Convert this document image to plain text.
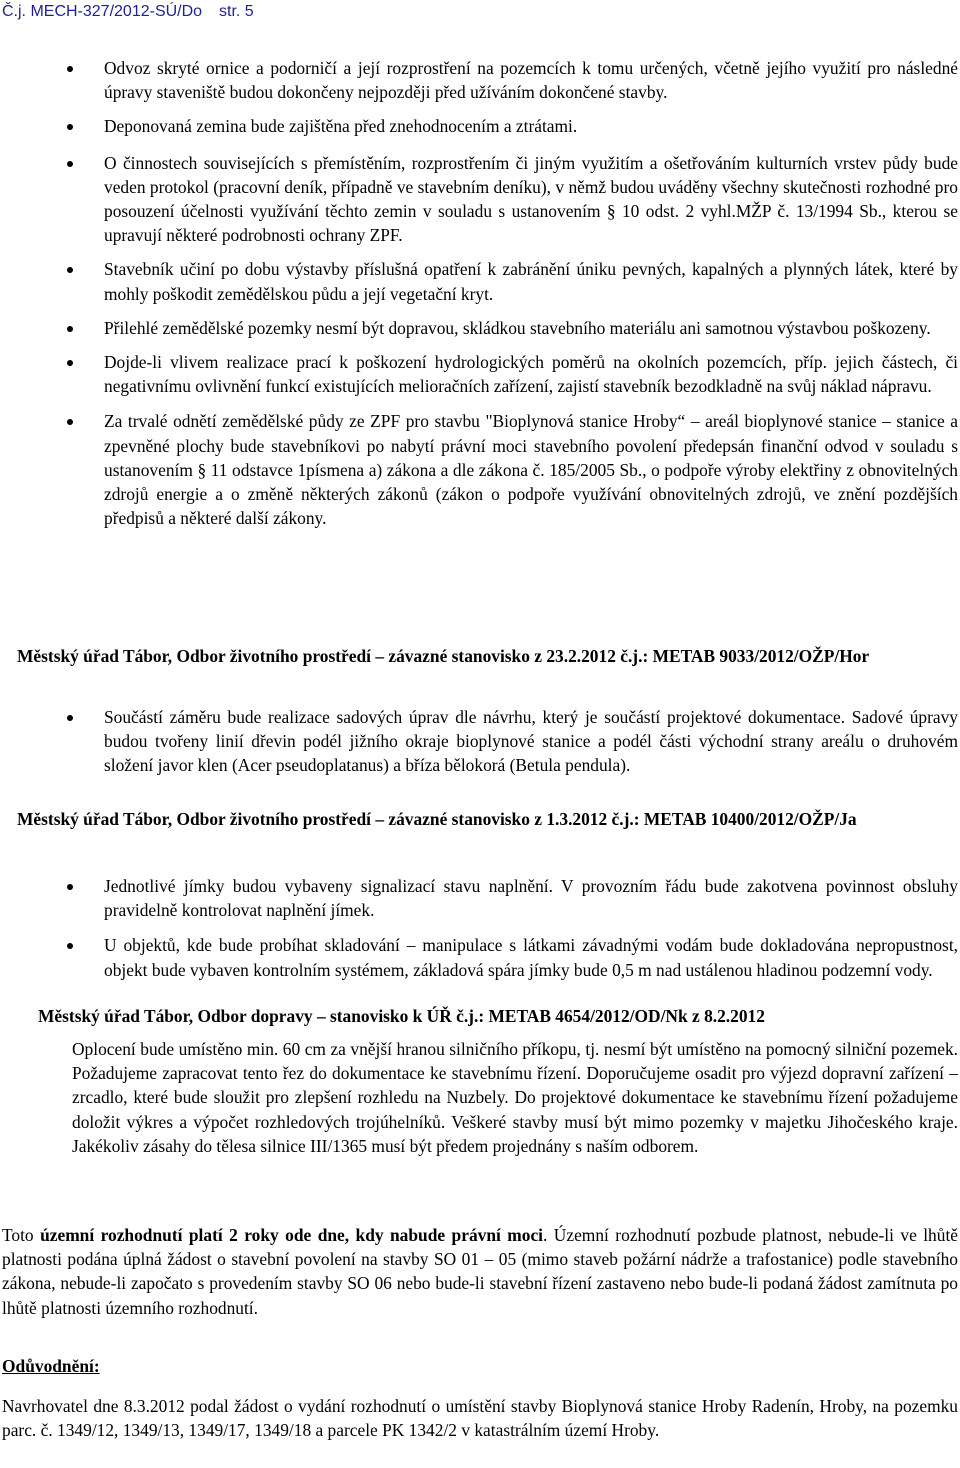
Č.j. MECH-327/2012-SÚ/Do str. 5
Odvoz skryté ornice a podorničí a její rozprostření na pozemcích k tomu určených, včetně jejího využití pro následné úpravy staveniště budou dokončeny nejpozději před užíváním dokončené stavby.
Deponovaná zemina bude zajištěna před znehodnocením a ztrátami.
O činnostech souvisejících s přemístěním, rozprostřením či jiným využitím a ošetřováním kulturních vrstev půdy bude veden protokol (pracovní deník, případně ve stavebním deníku), v němž budou uváděny všechny skutečnosti rozhodné pro posouzení účelnosti využívání těchto zemin v souladu s ustanovením § 10 odst. 2 vyhl.MŽP č. 13/1994 Sb., kterou se upravují některé podrobnosti ochrany ZPF.
Stavebník učiní po dobu výstavby příslušná opatření k zabránění úniku pevných, kapalných a plynných látek, které by mohly poškodit zemědělskou půdu a její vegetační kryt.
Přilehlé zemědělské pozemky nesmí být dopravou, skládkou stavebního materiálu ani samotnou výstavbou poškozeny.
Dojde-li vlivem realizace prací k poškození hydrologických poměrů na okolních pozemcích, příp. jejich částech, či negativnímu ovlivnění funkcí existujících melioračních zařízení, zajistí stavebník bezodkladně na svůj náklad nápravu.
Za trvalé odnětí zemědělské půdy ze ZPF pro stavbu "Bioplynová stanice Hroby“ – areál bioplynové stanice – stanice a zpevněné plochy bude stavebníkovi po nabytí právní moci stavebního povolení předepsán finanční odvod v souladu s ustanovením § 11 odstavce 1písmena a) zákona a dle zákona č. 185/2005 Sb., o podpoře výroby elektřiny z obnovitelných zdrojů energie a o změně některých zákonů (zákon o podpoře využívání obnovitelných zdrojů, ve znění pozdějších předpisů a některé další zákony.
Městský úřad Tábor, Odbor životního prostředí – závazné stanovisko z 23.2.2012 č.j.: METAB 9033/2012/OŽP/Hor
Součástí záměru bude realizace sadových úprav dle návrhu, který je součástí projektové dokumentace. Sadové úpravy budou tvořeny linií dřevin podél jižního okraje bioplynové stanice a podél části východní strany areálu o druhovém složení javor klen (Acer pseudoplatanus) a bříza bělokorá (Betula pendula).
Městský úřad Tábor, Odbor životního prostředí – závazné stanovisko z 1.3.2012 č.j.: METAB 10400/2012/OŽP/Ja
Jednotlivé jímky budou vybaveny signalizací stavu naplnění. V provozním řádu bude zakotvena povinnost obsluhy pravidelně kontrolovat naplnění jímek.
U objektů, kde bude probíhat skladování – manipulace s látkami závadnými vodám bude dokladována nepropustnost, objekt bude vybaven kontrolním systémem, základová spára jímky bude 0,5 m nad ustálenou hladinou podzemní vody.
Městský úřad Tábor, Odbor dopravy – stanovisko k ÚŘ č.j.: METAB 4654/2012/OD/Nk z 8.2.2012
Oplocení bude umístěno min. 60 cm za vnější hranou silničního příkopu, tj. nesmí být umístěno na pomocný silniční pozemek. Požadujeme zapracovat tento řez do dokumentace ke stavebnímu řízení. Doporučujeme osadit pro výjezd dopravní zařízení – zrcadlo, které bude sloužit pro zlepšení rozhledu na Nuzbely. Do projektové dokumentace ke stavebnímu řízení požadujeme doložit výkres a výpočet rozhledových trojúhelníků. Veškeré stavby musí být mimo pozemky v majetku Jihočeského kraje. Jakékoliv zásahy do tělesa silnice III/1365 musí být předem projednány s naším odborem.
Toto územní rozhodnutí platí 2 roky ode dne, kdy nabude právní moci. Územní rozhodnutí pozbude platnost, nebude-li ve lhůtě platnosti podána úplná žádost o stavební povolení na stavby SO 01 – 05 (mimo staveb požární nádrže a trafostanice) podle stavebního zákona, nebude-li započato s provedením stavby SO 06 nebo bude-li stavební řízení zastaveno nebo bude-li podaná žádost zamítnuta po lhůtě platnosti územního rozhodnutí.
Odůvodnění:
Navrhovatel dne 8.3.2012 podal žádost o vydání rozhodnutí o umístění stavby Bioplynová stanice Hroby Radenín, Hroby, na pozemku parc. č. 1349/12, 1349/13, 1349/17, 1349/18 a parcele PK 1342/2 v katastrálním území Hroby.
